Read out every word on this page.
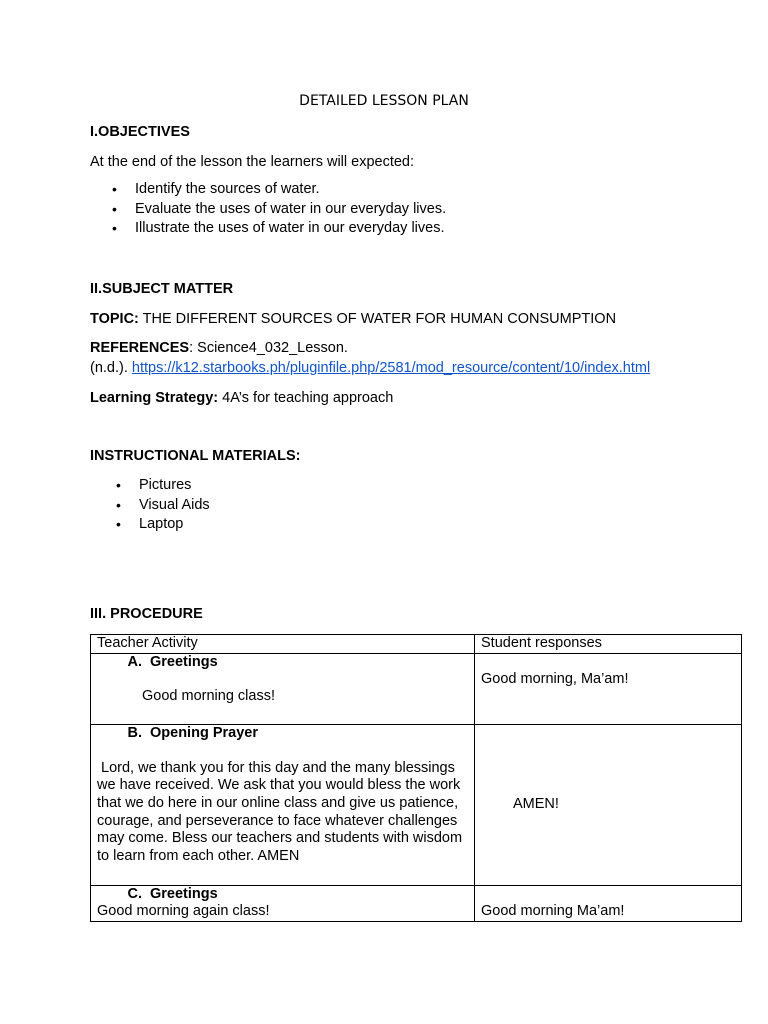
DETAILED LESSON PLAN
I.OBJECTIVES
At the end of the lesson the learners will expected:
• Identify the sources of water.
• Evaluate the uses of water in our everyday lives.
• Illustrate the uses of water in our everyday lives.
II.SUBJECT MATTER
TOPIC: THE DIFFERENT SOURCES OF WATER FOR HUMAN CONSUMPTION
REFERENCES: Science4_032_Lesson.
(n.d.). https://k12.starbooks.ph/pluginfile.php/2581/mod_resource/content/10/index.html
Learning Strategy: 4A’s for teaching approach
INSTRUCTIONAL MATERIALS:
• Pictures
• Visual Aids
• Laptop
III. PROCEDURE
Teacher Activity	Student responses

A. Greetings
Good morning class!	Good morning, Ma’am!

B. Opening Prayer
Lord, we thank you for this day and the many blessings we have received. We ask that you would bless the work that we do here in our online class and give us patience, courage, and perseverance to face whatever challenges may come. Bless our teachers and students with wisdom to learn from each other. AMEN	AMEN!

C. Greetings
Good morning again class!	Good morning Ma’am!
